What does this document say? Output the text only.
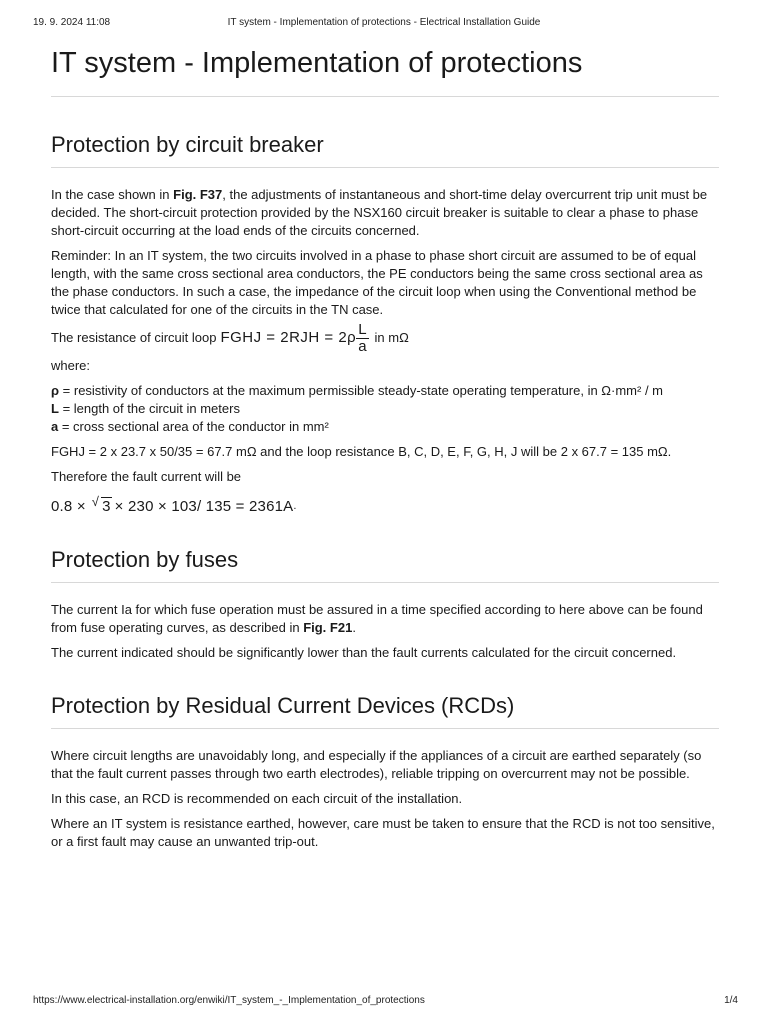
19. 9. 2024 11:08	IT system - Implementation of protections - Electrical Installation Guide
IT system - Implementation of protections
Protection by circuit breaker

In the case shown in Fig. F37, the adjustments of instantaneous and short-time delay overcurrent trip unit must be decided. The short-circuit protection provided by the NSX160 circuit breaker is suitable to clear a phase to phase short-circuit occurring at the load ends of the circuits concerned.

Reminder: In an IT system, the two circuits involved in a phase to phase short circuit are assumed to be of equal length, with the same cross sectional area conductors, the PE conductors being the same cross sectional area as the phase conductors. In such a case, the impedance of the circuit loop when using the Conventional method be twice that calculated for one of the circuits in the TN case.

The resistance of circuit loop FGHJ = $2RJH = 2\rho \frac{L}{a}$ in mΩ

where:

ρ = resistivity of conductors at the maximum permissible steady-state operating temperature, in Ω·mm² / m

L = length of the circuit in meters

a = cross sectional area of the conductor in mm²

FGHJ = 2 x 23.7 x 50/35 = 67.7 mΩ and the loop resistance B, C, D, E, F, G, H, J will be 2 x 67.7 = 135 mΩ.

Therefore the fault current will be

0.8 × √ 3 × 230 × 103/ 135 = 2361A .
Protection by fuses

The current Ia for which fuse operation must be assured in a time specified according to here above can be found from fuse operating curves, as described in Fig. F21.

The current indicated should be significantly lower than the fault currents calculated for the circuit concerned.

Protection by Residual Current Devices (RCDs)

Where circuit lengths are unavoidably long, and especially if the appliances of a circuit are earthed separately (so that the fault current passes through two earth electrodes), reliable tripping on overcurrent may not be possible.

In this case, an RCD is recommended on each circuit of the installation.

Where an IT system is resistance earthed, however, care must be taken to ensure that the RCD is not too sensitive, or a first fault may cause an unwanted trip-out.

https://www.electrical-installation.org/enwiki/IT_system_-_Implementation_of_protections	1/4
